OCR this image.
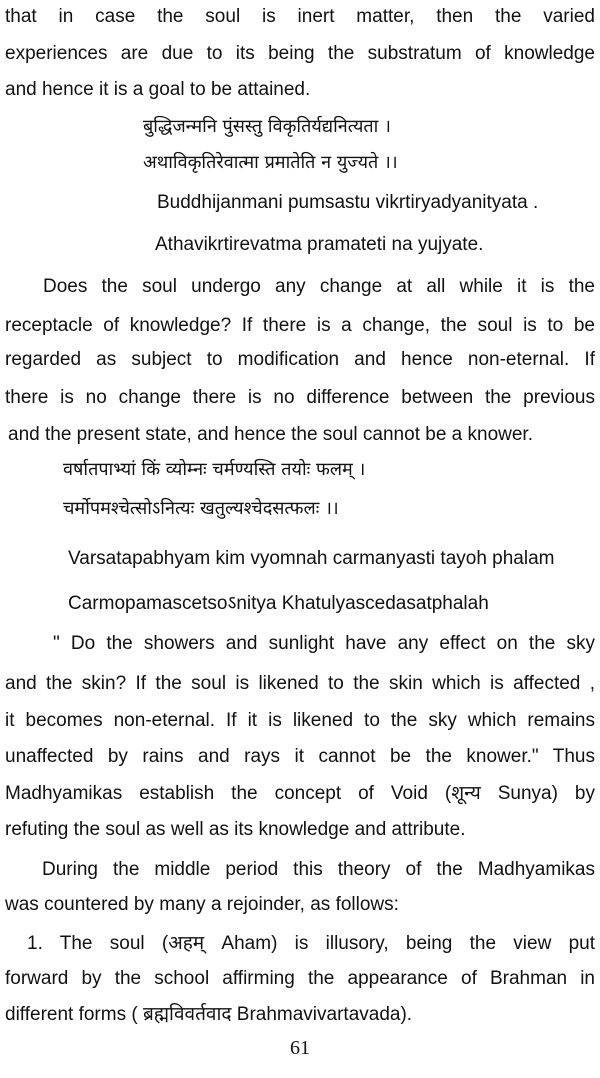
that in case the soul is inert matter, then the varied
experiences are due to its being the substratum of knowledge
and hence it is a goal to be attained.
बुद्धिजन्मनि पुंसस्तु विकृतिर्यद्यनित्यता ।
अथाविकृतिरेवात्मा प्रमातेति न युज्यते ।।
Buddhijanmani pumsastu vikrtiryadyanityata .
Athavikrtirevatma pramateti na yujyate.
Does the soul undergo any change at all while it is the
receptacle of knowledge? If there is a change, the soul is to be
regarded as subject to modification and hence non-eternal. If
there is no change there is no difference between the previous
and the present state, and hence the soul cannot be a knower.
वर्षातपाभ्यां किं व्योम्नः चर्मण्यस्ति तयोः फलम् ।
चर्मोपमश्चेत्सोऽनित्यः खतुल्यश्चेदसत्फलः ।।
Varsatapabhyam kim vyomnah carmanyasti tayoh phalam
Carmopamascetsoऽnitya Khatulyascedasatphalah
" Do the showers and sunlight have any effect on the sky
and the skin? If the soul is likened to the skin which is affected ,
it becomes non-eternal. If it is likened to the sky which remains
unaffected by rains and rays it cannot be the knower." Thus
Madhyamikas establish the concept of Void (शून्य Sunya) by
refuting the soul as well as its knowledge and attribute.
During the middle period this theory of the Madhyamikas
was countered by many a rejoinder, as follows:
1. The soul (अहम् Aham) is illusory, being the view put
forward by the school affirming the appearance of Brahman in
different forms ( ब्रह्मविवर्तवाद Brahmavivartavada).
61
